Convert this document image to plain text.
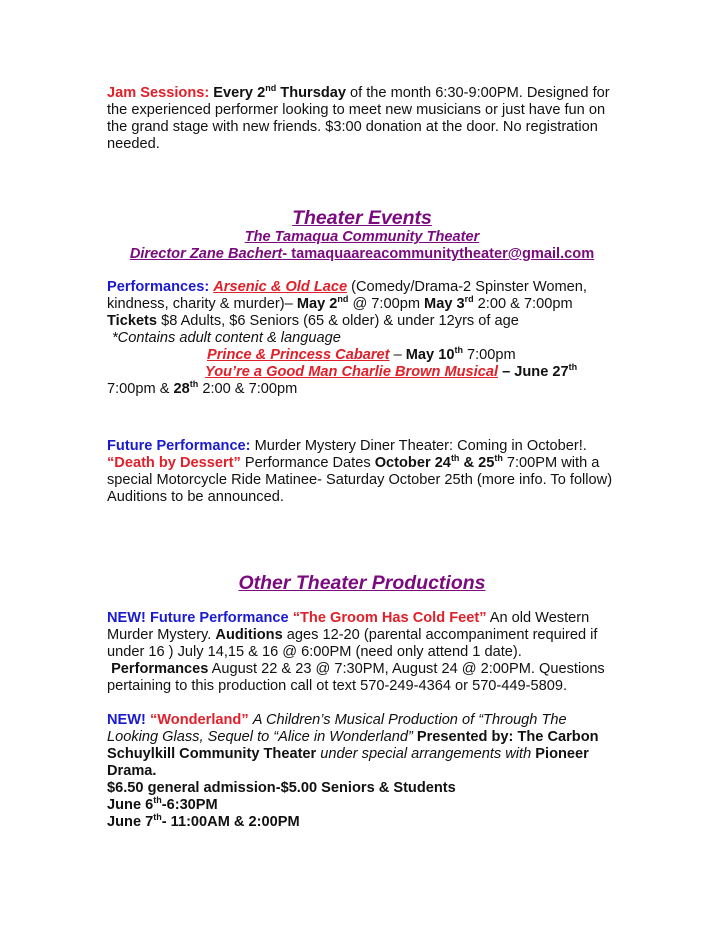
Jam Sessions: Every 2nd Thursday of the month 6:30-9:00PM. Designed for the experienced performer looking to meet new musicians or just have fun on the grand stage with new friends. $3:00 donation at the door. No registration needed.

Theater Events
The Tamaqua Community Theater
Director Zane Bachert- tamaquaareacommunitytheater@gmail.com

Performances: Arsenic & Old Lace (Comedy/Drama-2 Spinster Women, kindness, charity & murder)– May 2nd @ 7:00pm May 3rd 2:00 & 7:00pm
Tickets $8 Adults, $6 Seniors (65 & older) & under 12yrs of age
*Contains adult content & language

Prince & Princess Cabaret – May 10th 7:00pm
You’re a Good Man Charlie Brown Musical – June 27th
7:00pm & 28th 2:00 & 7:00pm

Future Performance: Murder Mystery Diner Theater: Coming in October!.
“Death by Dessert” Performance Dates October 24th & 25th 7:00PM with a special Motorcycle Ride Matinee- Saturday October 25th (more info. To follow) Auditions to be announced.

Other Theater Productions

NEW! Future Performance “The Groom Has Cold Feet” An old Western Murder Mystery. Auditions ages 12-20 (parental accompaniment required if under 16 ) July 14,15 & 16 @ 6:00PM (need only attend 1 date).
Performances August 22 & 23 @ 7:30PM, August 24 @ 2:00PM. Questions pertaining to this production call ot text 570-249-4364 or 570-449-5809.

NEW! “Wonderland” A Children’s Musical Production of “Through The Looking Glass, Sequel to “Alice in Wonderland” Presented by: The Carbon Schuylkill Community Theater under special arrangements with Pioneer Drama.
$6.50 general admission-$5.00 Seniors & Students
June 6th-6:30PM
June 7th- 11:00AM & 2:00PM
